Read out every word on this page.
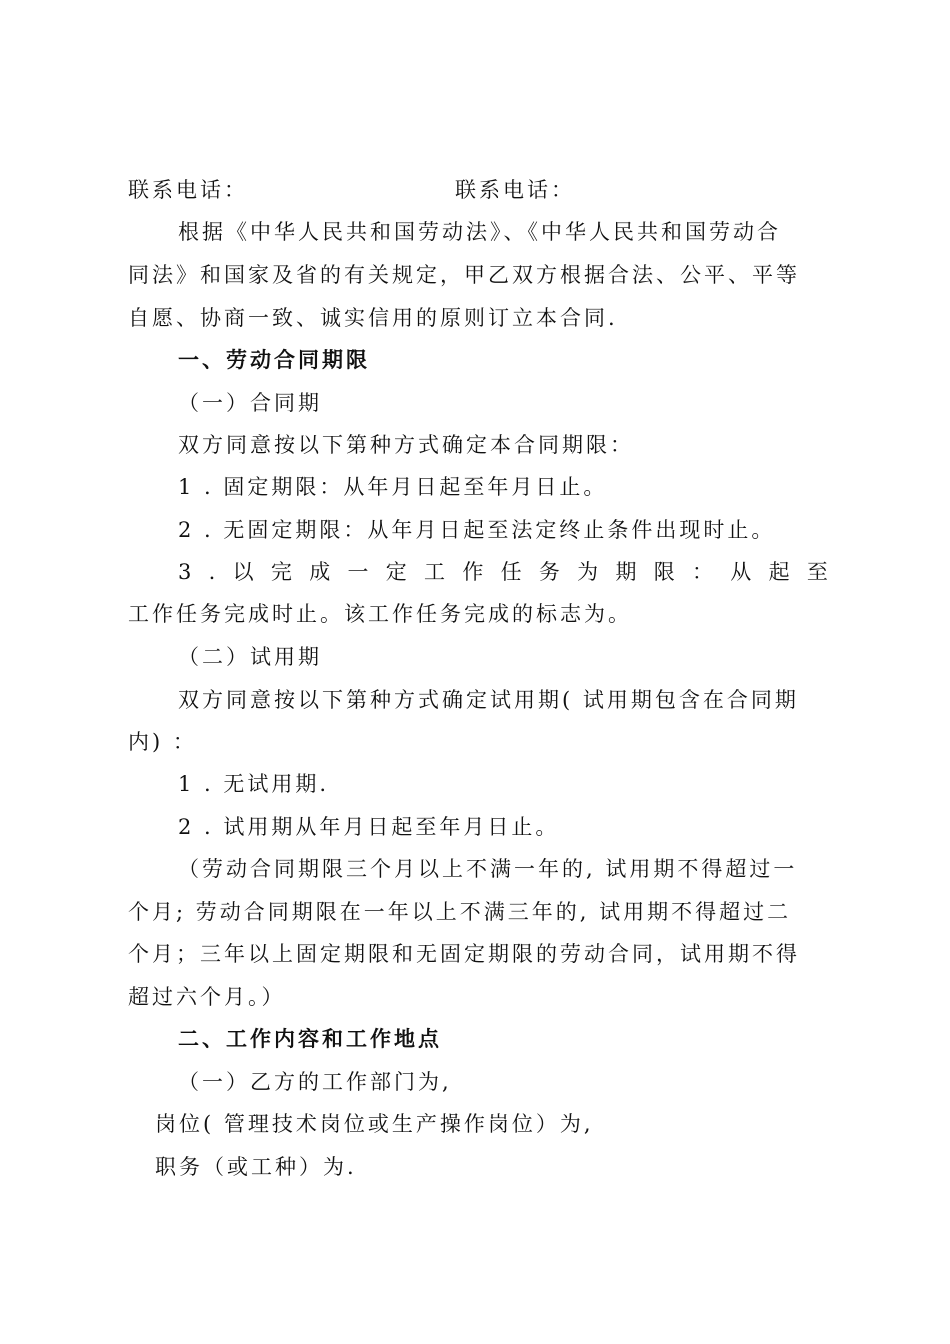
联系电话：	联系电话：
根据《中华人民共和国劳动法》、《中华人民共和国劳动合
同法》和国家及省的有关规定，甲乙双方根据合法、公平、平等
自愿、协商一致、诚实信用的原则订立本合同.
一、劳动合同期限
（一）合同期
双方同意按以下第种方式确定本合同期限：
1 . 固定期限：从年月日起至年月日止。
2 . 无固定期限：从年月日起至法定终止条件出现时止。
3 . 以 完 成 一 定 工 作 任 务 为 期 限 ： 从 起 至
工作任务完成时止。该工作任务完成的标志为。
（二）试用期
双方同意按以下第种方式确定试用期( 试用期包含在合同期
内) ：
1 . 无试用期.
2 . 试用期从年月日起至年月日止。
（劳动合同期限三个月以上不满一年的, 试用期不得超过一
个月; 劳动合同期限在一年以上不满三年的, 试用期不得超过二
个月；三年以上固定期限和无固定期限的劳动合同，试用期不得
超过六个月。）
二、工作内容和工作地点
（一）乙方的工作部门为,
岗位( 管理技术岗位或生产操作岗位）为,
职务（或工种）为.
